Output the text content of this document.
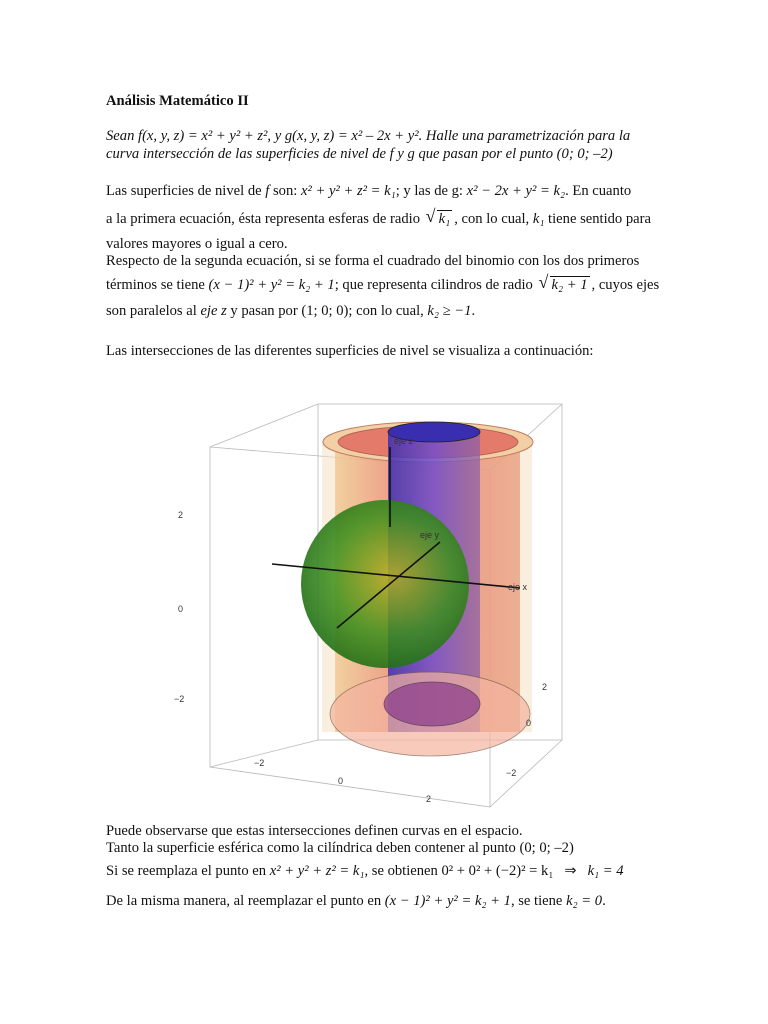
Análisis Matemático II
Sean f(x, y, z) = x² + y² + z², y g(x, y, z) = x² – 2x + y². Halle una parametrización para la
curva intersección de las superficies de nivel de f y g que pasan por el punto (0; 0; –2)
Las superficies de nivel de f son: x² + y² + z² = k₁; y las de g: x² − 2x + y² = k₂. En cuanto
a la primera ecuación, ésta representa esferas de radio √ k₁ , con lo cual, k₁ tiene sentido para
valores mayores o igual a cero.
Respecto de la segunda ecuación, si se forma el cuadrado del binomio con los dos primeros
términos se tiene (x − 1)² + y² = k₂ + 1; que representa cilindros de radio √ k₂ + 1 , cuyos ejes
son paralelos al eje z y pasan por (1; 0; 0); con lo cual, k₂ ≥ −1.
Las intersecciones de las diferentes superficies de nivel se visualiza a continuación:
eje z
eje y
eje x
2
0
−2
−2
0
2
2
0
−2
Puede observarse que estas intersecciones definen curvas en el espacio.
Tanto la superficie esférica como la cilíndrica deben contener al punto (0; 0; –2)
Si se reemplaza el punto en x² + y² + z² = k₁, se obtienen 0² + 0² + (−2)² = k₁ ⇒ k₁ = 4
De la misma manera, al reemplazar el punto en (x − 1)² + y² = k₂ + 1, se tiene k₂ = 0.
